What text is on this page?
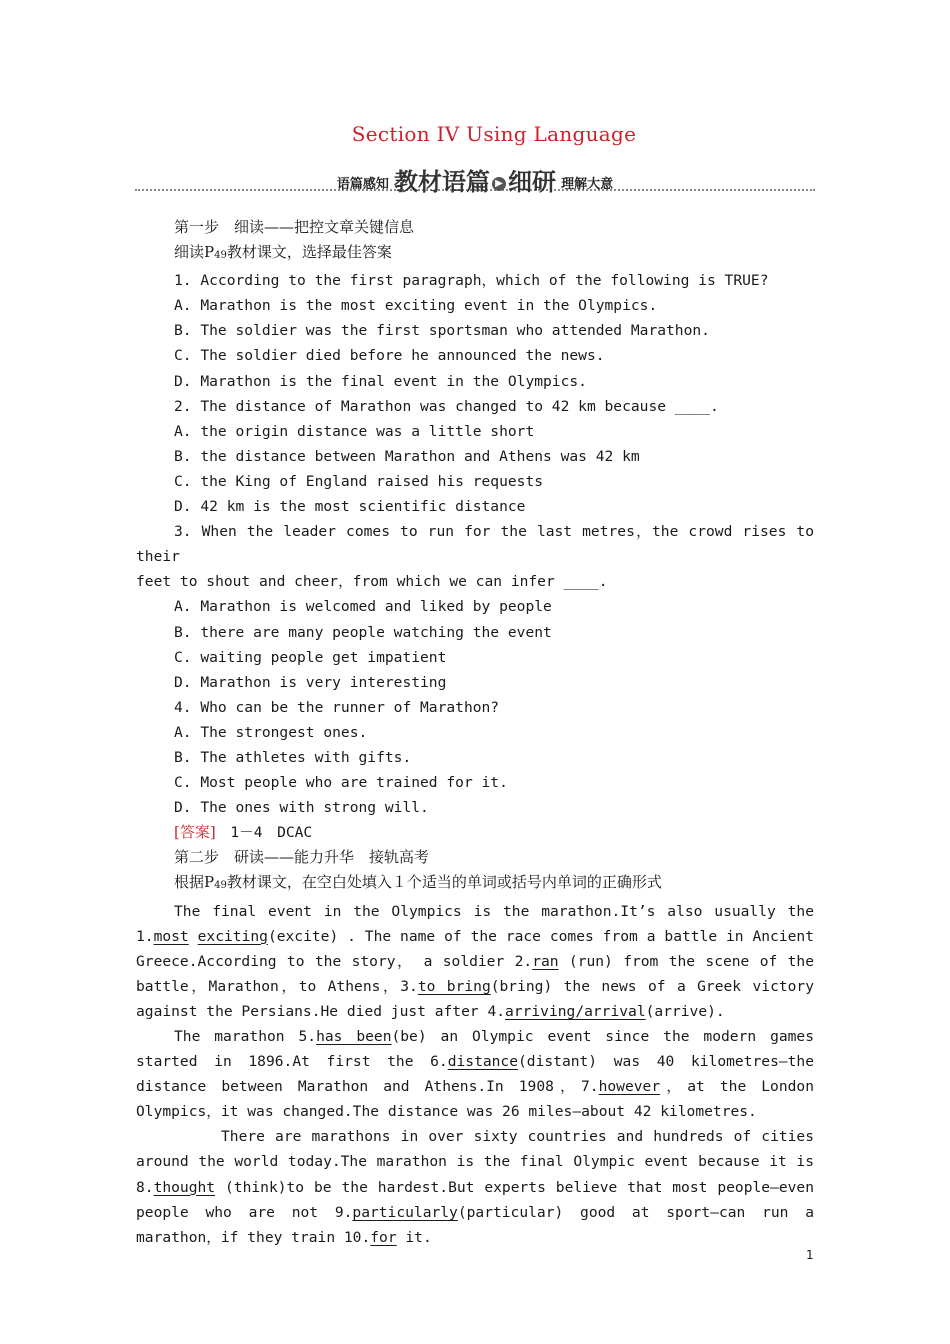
Section IV Using Language
语篇感知 教材语篇 ▶ 细研 理解大意

第一步　细读——把控文章关键信息

细读$P_{49}$教材课文，选择最佳答案

1. According to the first paragraph，which of the following is TRUE?

A. Marathon is the most exciting event in the Olympics.

B. The soldier was the first sportsman who attended Marathon.

C. The soldier died before he announced the news.

D. Marathon is the final event in the Olympics.

2. The distance of Marathon was changed to 42 km because ____.

A. the origin distance was a little short

B. the distance between Marathon and Athens was 42 km

C. the King of England raised his requests

D. 42 km is the most scientific distance

3. When the leader comes to run for the last metres，the crowd rises to their

feet to shout and cheer，from which we can infer ____.

A. Marathon is welcomed and liked by people

B. there are many people watching the event

C. waiting people get impatient

D. Marathon is very interesting

4. Who can be the runner of Marathon?

A. The strongest ones.

B. The athletes with gifts.

C. Most people who are trained for it.

D. The ones with strong will.

[答案]　1－4　DCAC

第二步　研读——能力升华　接轨高考

根据$P_{49}$教材课文，在空白处填入１个适当的单词或括号内单词的正确形式

The final event in the Olympics is the marathon.It’s also usually the 1.most exciting(excite) . The name of the race comes from a battle in Ancient Greece.According to the story， a soldier 2.ran (run) from the scene of the battle，Marathon，to Athens，3.to bring(bring) the news of a Greek victory against the Persians.He died just after 4.arriving/arrival(arrive).

The marathon 5.has been(be) an Olympic event since the modern games started in 1896.At first the 6.distance(distant) was 40 kilometres—the distance between Marathon and Athens.In 1908，7.however，at the London Olympics，it was changed.The distance was 26 miles—about 42 kilometres.

There are marathons in over sixty countries and hundreds of cities around the world today.The marathon is the final Olympic event because it is 8.thought (think)to be the hardest.But experts believe that most people—even people who are not 9.particularly(particular) good at sport—can run a marathon，if they train 10.for it.

1
